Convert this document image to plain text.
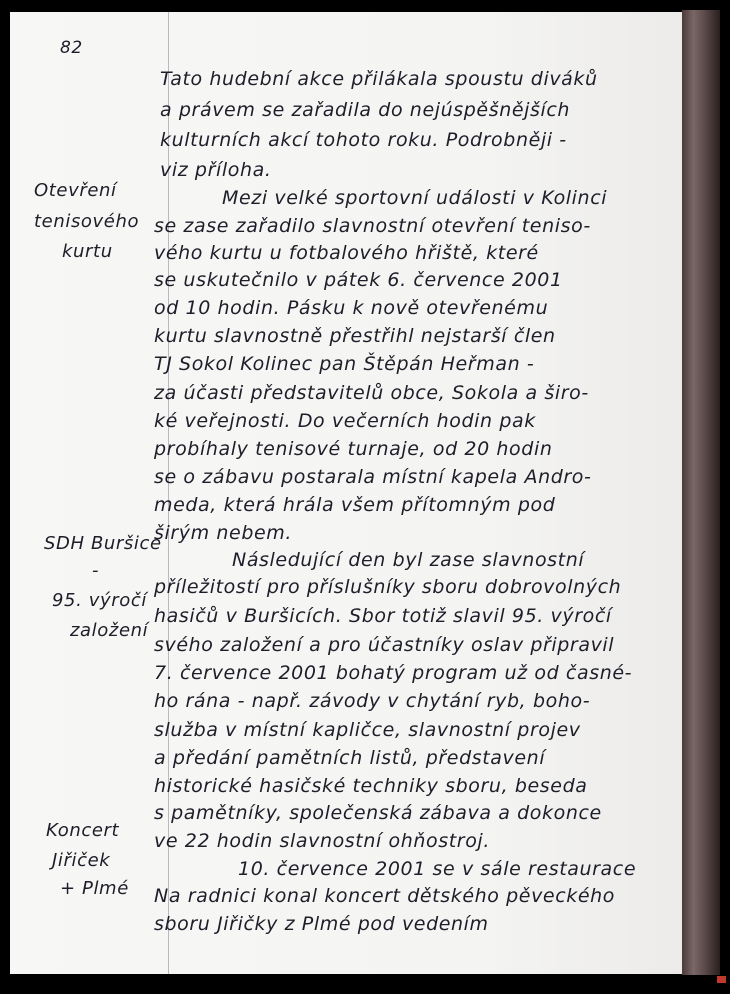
82
Otevření
tenisového
kurtu
SDH Buršice
-
95. výročí
založení
Koncert
Jiřiček
+ Plmé
Tato hudební akce přilákala spoustu diváků
a právem se zařadila do nejúspěšnějších
kulturních akcí tohoto roku. Podrobněji -
viz příloha.
Mezi velké sportovní události v Kolinci
se zase zařadilo slavnostní otevření teniso-
vého kurtu u fotbalového hřiště, které
se uskutečnilo v pátek 6. července 2001
od 10 hodin. Pásku k nově otevřenému
kurtu slavnostně přestřihl nejstarší člen
TJ Sokol Kolinec pan Štěpán Heřman -
za účasti představitelů obce, Sokola a širo-
ké veřejnosti. Do večerních hodin pak
probíhaly tenisové turnaje, od 20 hodin
se o zábavu postarala místní kapela Andro-
meda, která hrála všem přítomným pod
širým nebem.
Následující den byl zase slavnostní
příležitostí pro příslušníky sboru dobrovolných
hasičů v Buršicích. Sbor totiž slavil 95. výročí
svého založení a pro účastníky oslav připravil
7. července 2001 bohatý program už od časné-
ho rána - např. závody v chytání ryb, boho-
služba v místní kapličce, slavnostní projev
a předání pamětních listů, představení
historické hasičské techniky sboru, beseda
s pamětníky, společenská zábava a dokonce
ve 22 hodin slavnostní ohňostroj.
10. července 2001 se v sále restaurace
Na radnici konal koncert dětského pěveckého
sboru Jiřičky z Plmé pod vedením
